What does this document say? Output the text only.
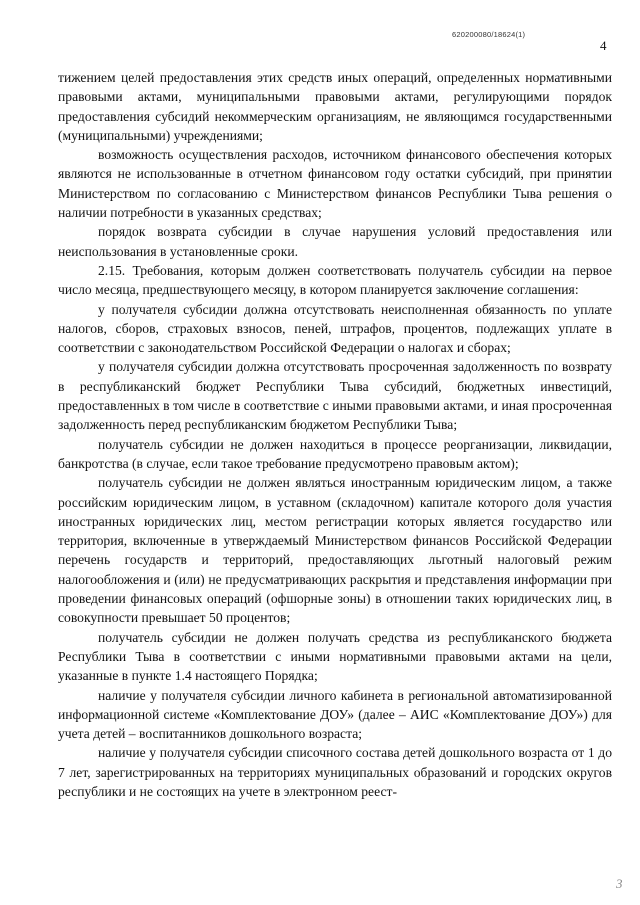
620200080/18624(1)
4

тижением целей предоставления этих средств иных операций, определенных нормативными правовыми актами, муниципальными правовыми актами, регулирующими порядок предоставления субсидий некоммерческим организациям, не являющимся государственными (муниципальными) учреждениями;

возможность осуществления расходов, источником финансового обеспечения которых являются не использованные в отчетном финансовом году остатки субсидий, при принятии Министерством по согласованию с Министерством финансов Республики Тыва решения о наличии потребности в указанных средствах;

порядок возврата субсидии в случае нарушения условий предоставления или неиспользования в установленные сроки.

2.15. Требования, которым должен соответствовать получатель субсидии на первое число месяца, предшествующего месяцу, в котором планируется заключение соглашения:

у получателя субсидии должна отсутствовать неисполненная обязанность по уплате налогов, сборов, страховых взносов, пеней, штрафов, процентов, подлежащих уплате в соответствии с законодательством Российской Федерации о налогах и сборах;

у получателя субсидии должна отсутствовать просроченная задолженность по возврату в республиканский бюджет Республики Тыва субсидий, бюджетных инвестиций, предоставленных в том числе в соответствие с иными правовыми актами, и иная просроченная задолженность перед республиканским бюджетом Республики Тыва;

получатель субсидии не должен находиться в процессе реорганизации, ликвидации, банкротства (в случае, если такое требование предусмотрено правовым актом);

получатель субсидии не должен являться иностранным юридическим лицом, а также российским юридическим лицом, в уставном (складочном) капитале которого доля участия иностранных юридических лиц, местом регистрации которых является государство или территория, включенные в утверждаемый Министерством финансов Российской Федерации перечень государств и территорий, предоставляющих льготный налоговый режим налогообложения и (или) не предусматривающих раскрытия и представления информации при проведении финансовых операций (офшорные зоны) в отношении таких юридических лиц, в совокупности превышает 50 процентов;

получатель субсидии не должен получать средства из республиканского бюджета Республики Тыва в соответствии с иными нормативными правовыми актами на цели, указанные в пункте 1.4 настоящего Порядка;

наличие у получателя субсидии личного кабинета в региональной автоматизированной информационной системе «Комплектование ДОУ» (далее – АИС «Комплектование ДОУ») для учета детей – воспитанников дошкольного возраста;

наличие у получателя субсидии списочного состава детей дошкольного возраста от 1 до 7 лет, зарегистрированных на территориях муниципальных образований и городских округов республики и не состоящих на учете в электронном реест-

3
